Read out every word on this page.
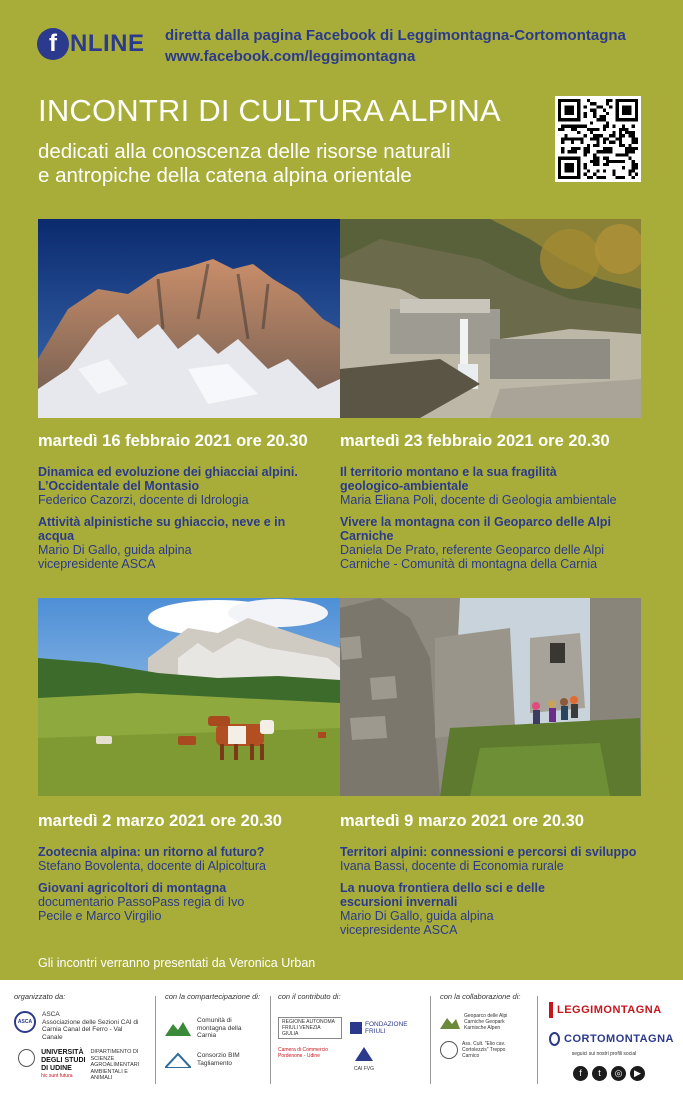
f NLINE diretta dalla pagina Facebook di Leggimontagna-Cortomontagna
www.facebook.com/leggimontagna
INCONTRI DI CULTURA ALPINA
dedicati alla conoscenza delle risorse naturali
e antropiche della catena alpina orientale
martedì 16 febbraio 2021 ore 20.30
Dinamica ed evoluzione dei ghiacciai alpini. L’Occidentale del Montasio
Federico Cazorzi, docente di Idrologia
Attività alpinistiche su ghiaccio, neve e in acqua
Mario Di Gallo, guida alpina vicepresidente ASCA
martedì 23 febbraio 2021 ore 20.30
Il territorio montano e la sua fragilità geologico-ambientale
Maria Eliana Poli, docente di Geologia ambientale
Vivere la montagna con il Geoparco delle Alpi Carniche
Daniela De Prato, referente Geoparco delle Alpi Carniche - Comunità di montagna della Carnia
martedì 2 marzo 2021 ore 20.30
Zootecnia alpina: un ritorno al futuro?
Stefano Bovolenta, docente di Alpicoltura
Giovani agricoltori di montagna
documentario PassoPass regia di Ivo Pecile e Marco Virgilio
martedì 9 marzo 2021 ore 20.30
Territori alpini: connessioni e percorsi di sviluppo
Ivana Bassi, docente di Economia rurale
La nuova frontiera dello sci e delle escursioni invernali
Mario Di Gallo, guida alpina vicepresidente ASCA
Gli incontri verranno presentati da Veronica Urban
organizzato da:
ASCA
ASCA
Associazione delle Sezioni CAI di Carnia Canal del Ferro - Val Canale
UNIVERSITÀ DEGLI STUDI DI UDINE
hic sunt futura
DIPARTIMENTO DI SCIENZE AGROALIMENTARI AMBIENTALI E ANIMALI
con la compartecipazione di:
Comunità di montagna della Carnia
Consorzio BIM Tagliamento
con il contributo di:
REGIONE AUTONOMA FRIULI VENEZIA GIULIA
FONDAZIONE FRIULI
Camera di Commercio Pordenone - Udine
CAI FVG
con la collaborazione di:
Geoparco delle Alpi Carniche Geopark Karnische Alpen
Ass. Cult. "Elio cav. Cortolezzis" Treppo Carnico
LEGGIMONTAGNA
CORTOMONTAGNA
seguici sui nostri profili social
f t ◎ ▶
